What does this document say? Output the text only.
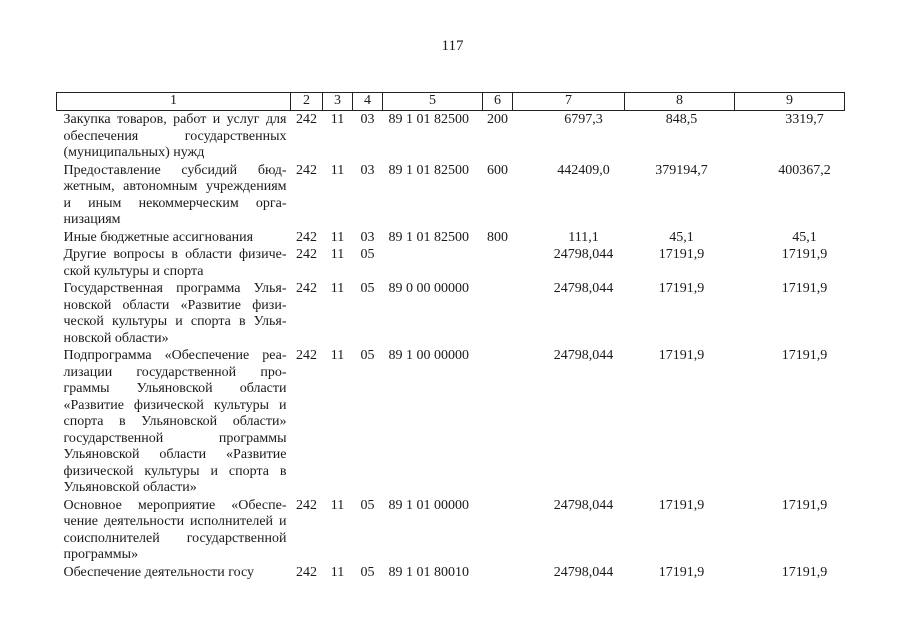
117
1	2	3	4	5	6	7	8	9
Закупка товаров, работ и услуг для обеспечения государственных (муниципальных) нужд	242	11	03	89 1 01 82500	200	6797,3	848,5	3319,7
Предоставление субсидий бюджетным, автономным учреждениям и иным некоммерческим организациям	242	11	03	89 1 01 82500	600	442409,0	379194,7	400367,2
Иные бюджетные ассигнования	242	11	03	89 1 01 82500	800	111,1	45,1	45,1
Другие вопросы в области физической культуры и спорта	242	11	05			24798,044	17191,9	17191,9
Государственная программа Ульяновской области «Развитие физической культуры и спорта в Ульяновской области»	242	11	05	89 0 00 00000		24798,044	17191,9	17191,9
Подпрограмма «Обеспечение реализации государственной программы Ульяновской области «Развитие физической культуры и спорта в Ульяновской области» государственной программы Ульяновской области «Развитие физической культуры и спорта в Ульяновской области»	242	11	05	89 1 00 00000		24798,044	17191,9	17191,9
Основное мероприятие «Обеспечение деятельности исполнителей и соисполнителей государственной программы»	242	11	05	89 1 01 00000		24798,044	17191,9	17191,9
Обеспечение деятельности госу	242	11	05	89 1 01 80010		24798,044	17191,9	17191,9
